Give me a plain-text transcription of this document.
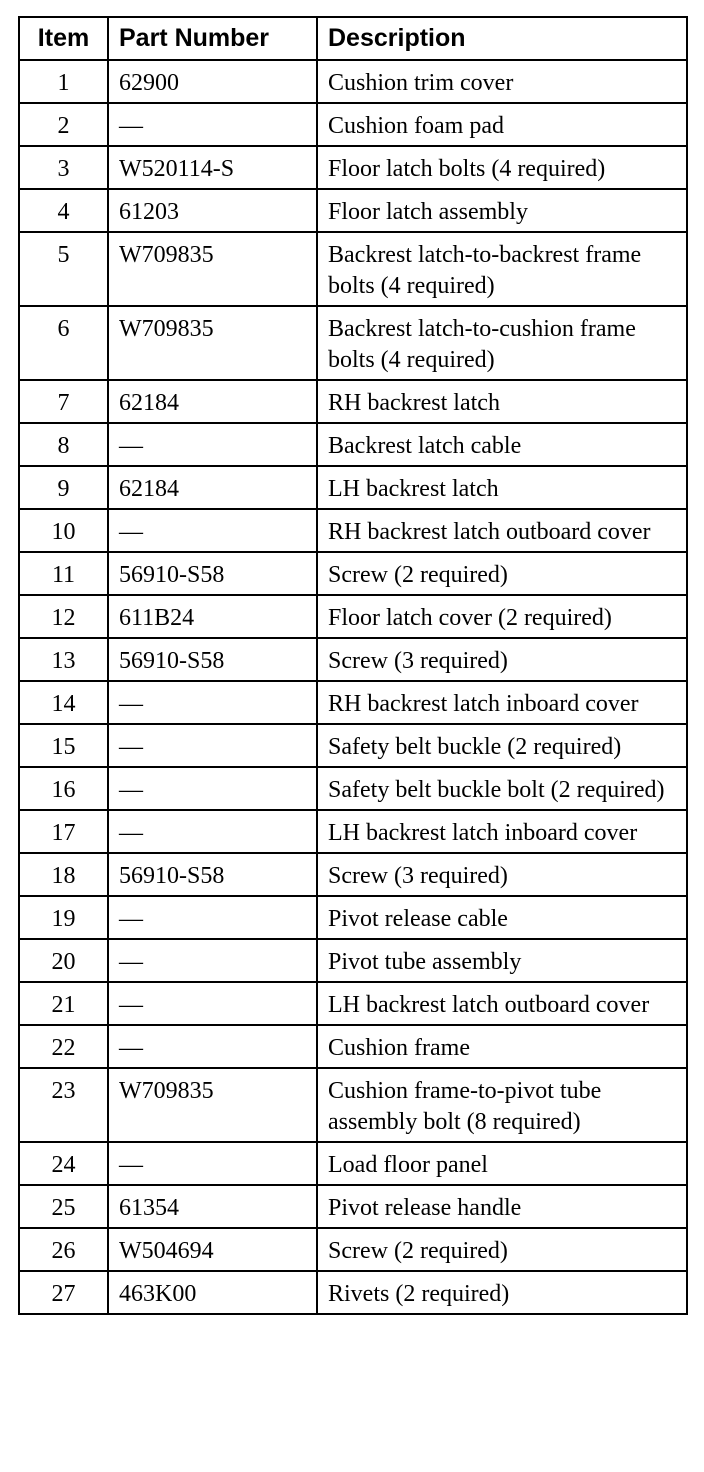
Item	Part Number	Description
1	62900	Cushion trim cover
2	—	Cushion foam pad
3	W520114-S	Floor latch bolts (4 required)
4	61203	Floor latch assembly
5	W709835	Backrest latch-to-backrest frame bolts (4 required)
6	W709835	Backrest latch-to-cushion frame bolts (4 required)
7	62184	RH backrest latch
8	—	Backrest latch cable
9	62184	LH backrest latch
10	—	RH backrest latch outboard cover
11	56910-S58	Screw (2 required)
12	611B24	Floor latch cover (2 required)
13	56910-S58	Screw (3 required)
14	—	RH backrest latch inboard cover
15	—	Safety belt buckle (2 required)
16	—	Safety belt buckle bolt (2 required)
17	—	LH backrest latch inboard cover
18	56910-S58	Screw (3 required)
19	—	Pivot release cable
20	—	Pivot tube assembly
21	—	LH backrest latch outboard cover
22	—	Cushion frame
23	W709835	Cushion frame-to-pivot tube assembly bolt (8 required)
24	—	Load floor panel
25	61354	Pivot release handle
26	W504694	Screw (2 required)
27	463K00	Rivets (2 required)
